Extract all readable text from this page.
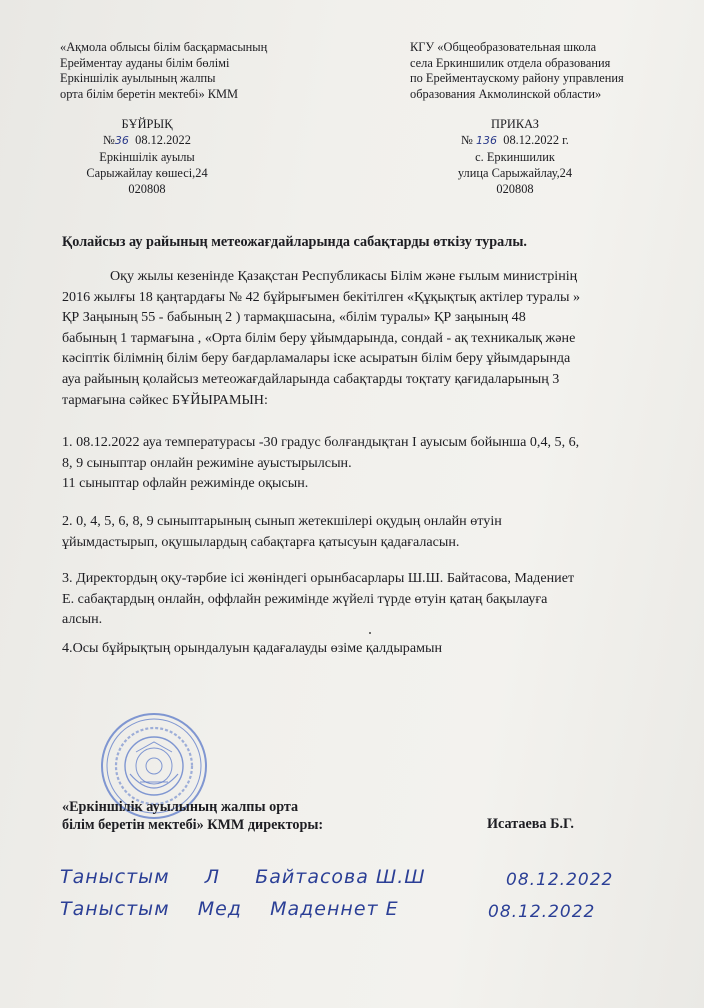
«Ақмола облысы білім басқармасының
Ерейментау ауданы білім бөлімі
Еркіншілік ауылының жалпы
орта білім беретін мектебі» КММ
КГУ «Общеобразовательная школа
села Еркиншилик отдела образования
по Ерейментаускому району управления
образования Акмолинской области»
БҰЙРЫҚ
№36 08.12.2022
Еркіншілік ауылы
Сарыжайлау көшесі,24
020808
ПРИКАЗ
№ 136 08.12.2022 г.
с. Еркиншилик
улица Сарыжайлау,24
020808
Қолайсыз ау райының метеожағдайларында сабақтарды өткізу туралы.
Оқу жылы кезенінде Қазақстан Республикасы Білім және ғылым министрінің
2016 жылғы 18 қаңтардағы № 42 бұйрығымен бекітілген «Құқықтық актілер туралы »
ҚР Заңының 55 - бабының 2 ) тармақшасына, «білім туралы» ҚР заңының 48
бабының 1 тармағына , «Орта білім беру ұйымдарында, сондай - ақ техникалық және
кәсіптік білімнің білім беру бағдарламалары іске асыратын білім беру ұйымдарында
ауа райының қолайсыз метеожағдайларында сабақтарды тоқтату қағидаларының 3
тармағына сәйкес БҰЙЫРАМЫН:
1. 08.12.2022 ауа температурасы -30 градус болғандықтан І ауысым бойынша 0,4, 5, 6,
8, 9 сыныптар онлайн режиміне ауыстырылсын.
11 сыныптар офлайн режимінде оқысын.
2. 0, 4, 5, 6, 8, 9 сыныптарының сынып жетекшілері оқудың онлайн өтуін
ұйымдастырып, оқушылардың сабақтарға қатысуын қадағаласын.
3. Директордың оқу-тәрбие ісі жөніндегі орынбасарлары Ш.Ш. Байтасова, Мадениет
Е. сабақтардың онлайн, оффлайн режимінде жүйелі түрде өтуін қатаң бақылауға
алсын.
4.Осы бұйрықтың орындалуын қадағалауды өзіме қалдырамын
«Еркіншілік ауылының жалпы орта
білім беретін мектебі» КММ директоры:	Исатаева Б.Г.
Таныстым Л Байтасова Ш.Ш	08.12.2022
Таныстым Мед Маденнет Е	08.12.2022
